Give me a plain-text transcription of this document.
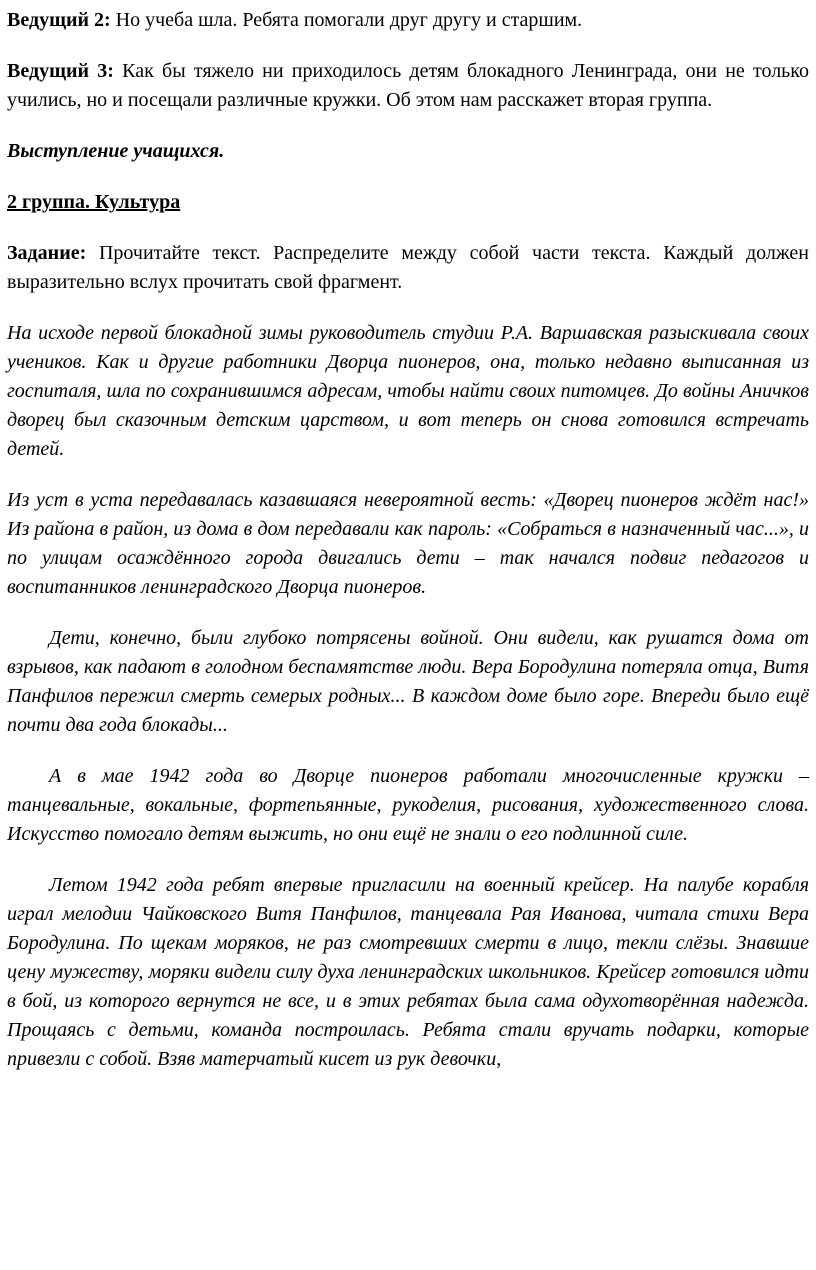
Ведущий 2: Но учеба шла. Ребята помогали друг другу и старшим.

Ведущий 3: Как бы тяжело ни приходилось детям блокадного Ленинграда, они не только учились, но и посещали различные кружки. Об этом нам расскажет вторая группа.

Выступление учащихся.

2 группа. Культура

Задание: Прочитайте текст. Распределите между собой части текста. Каждый должен выразительно вслух прочитать свой фрагмент.

На исходе первой блокадной зимы руководитель студии Р.А. Варшавская разыскивала своих учеников. Как и другие работники Дворца пионеров, она, только недавно выписанная из госпиталя, шла по сохранившимся адресам, чтобы найти своих питомцев. До войны Аничков дворец был сказочным детским царством, и вот теперь он снова готовился встречать детей.

Из уст в уста передавалась казавшаяся невероятной весть: «Дворец пионеров ждёт нас!» Из района в район, из дома в дом передавали как пароль: «Собраться в назначенный час...», и по улицам осаждённого города двигались дети – так начался подвиг педагогов и воспитанников ленинградского Дворца пионеров.

Дети, конечно, были глубоко потрясены войной. Они видели, как рушатся дома от взрывов, как падают в голодном беспамятстве люди. Вера Бородулина потеряла отца, Витя Панфилов пережил смерть семерых родных... В каждом доме было горе. Впереди было ещё почти два года блокады...

А в мае 1942 года во Дворце пионеров работали многочисленные кружки – танцевальные, вокальные, фортепьянные, рукоделия, рисования, художественного слова. Искусство помогало детям выжить, но они ещё не знали о его подлинной силе.

Летом 1942 года ребят впервые пригласили на военный крейсер. На палубе корабля играл мелодии Чайковского Витя Панфилов, танцевала Рая Иванова, читала стихи Вера Бородулина. По щекам моряков, не раз смотревших смерти в лицо, текли слёзы. Знавшие цену мужеству, моряки видели силу духа ленинградских школьников. Крейсер готовился идти в бой, из которого вернутся не все, и в этих ребятах была сама одухотворённая надежда. Прощаясь с детьми, команда построилась. Ребята стали вручать подарки, которые привезли с собой. Взяв матерчатый кисет из рук девочки,
